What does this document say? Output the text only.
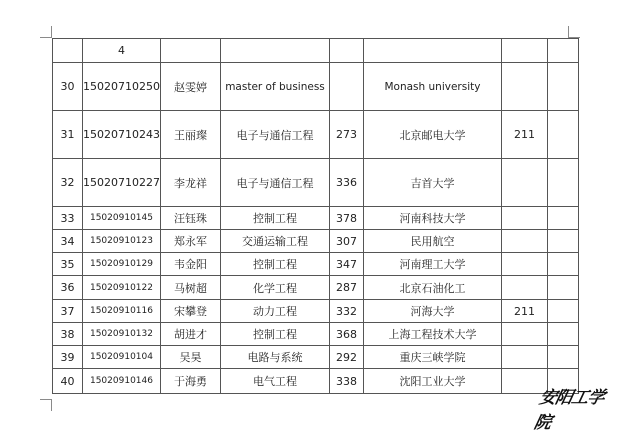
	4						
30	15020710250	赵雯婷	master of business		Monash university		
31	15020710243	王丽璨	电子与通信工程	273	北京邮电大学	211	
32	15020710227	李龙祥	电子与通信工程	336	吉首大学		
33	15020910145	汪钰珠	控制工程	378	河南科技大学		
34	15020910123	郑永军	交通运输工程	307	民用航空		
35	15020910129	韦金阳	控制工程	347	河南理工大学		
36	15020910122	马树超	化学工程	287	北京石油化工		
37	15020910116	宋攀登	动力工程	332	河海大学	211	
38	15020910132	胡进才	控制工程	368	上海工程技术大学		
39	15020910104	吴昊	电路与系统	292	重庆三峡学院		
40	15020910146	于海勇	电气工程	338	沈阳工业大学		
安阳工学院
